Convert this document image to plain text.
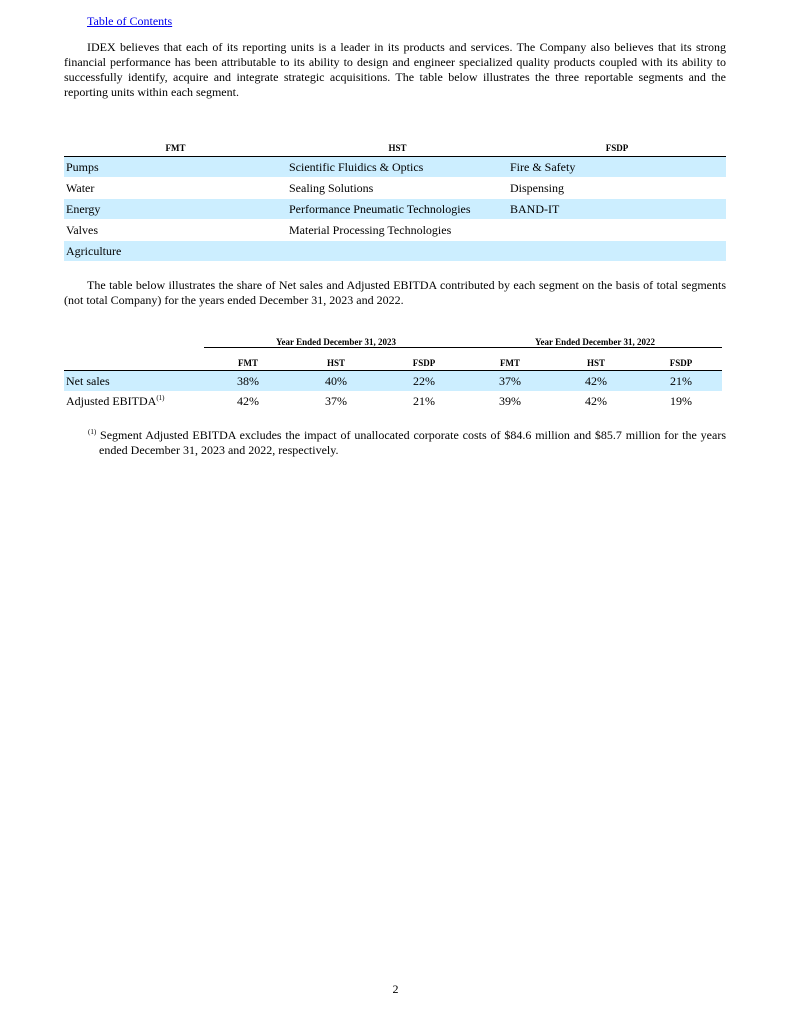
Table of Contents

IDEX believes that each of its reporting units is a leader in its products and services. The Company also believes that its strong financial performance has been attributable to its ability to design and engineer specialized quality products coupled with its ability to successfully identify, acquire and integrate strategic acquisitions. The table below illustrates the three reportable segments and the reporting units within each segment.

FMT	HST	FSDP
Pumps	Scientific Fluidics & Optics	Fire & Safety
Water	Sealing Solutions	Dispensing
Energy	Performance Pneumatic Technologies	BAND-IT
Valves	Material Processing Technologies	
Agriculture		

The table below illustrates the share of Net sales and Adjusted EBITDA contributed by each segment on the basis of total segments (not total Company) for the years ended December 31, 2023 and 2022.

	Year Ended December 31, 2023			Year Ended December 31, 2022		
	FMT	HST	FSDP	FMT	HST	FSDP
Net sales	38%	40%	22%	37%	42%	21%
Adjusted EBITDA$^{(1)}$	42%	37%	21%	39%	42%	19%

$^{(1)}$ Segment Adjusted EBITDA excludes the impact of unallocated corporate costs of $84.6 million and $85.7 million for the years ended December 31, 2023 and 2022, respectively.

2
